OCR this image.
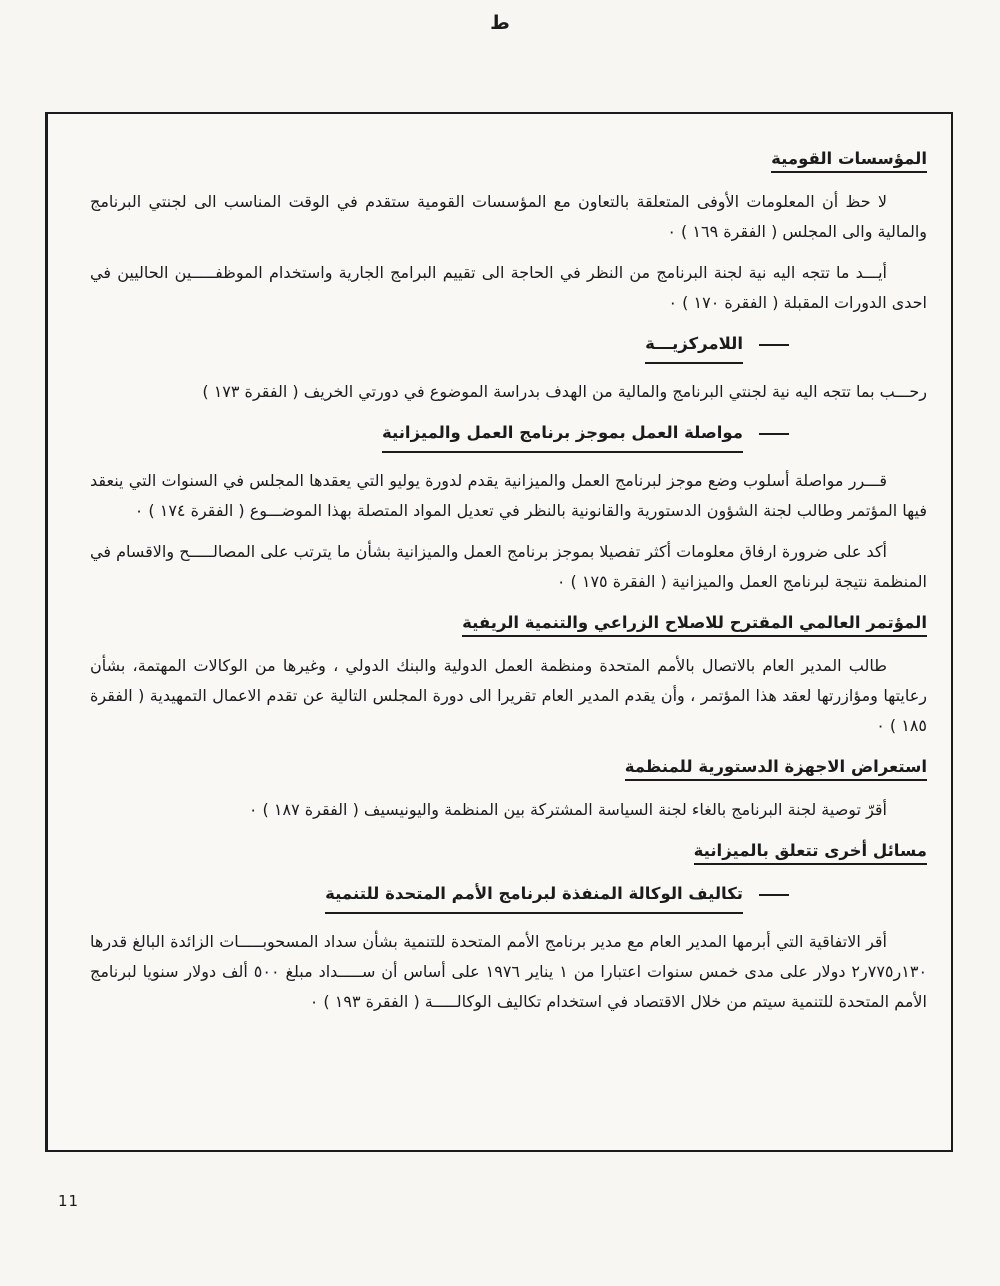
ط
المؤسسات القومية

لا حظ أن المعلومات الأوفى المتعلقة بالتعاون مع المؤسسات القومية ستقدم في الوقت المناسب الى لجنتي البرنامج والمالية والى المجلس ( الفقرة ١٦٩ ) ٠

أيـــد ما تتجه اليه نية لجنة البرنامج من النظر في الحاجة الى تقييم البرامج الجارية واستخدام الموظفـــــين الحاليين في احدى الدورات المقبلة ( الفقرة ١٧٠ ) ٠

اللامركزيـــة

رحـــب بما تتجه اليه نية لجنتي البرنامج والمالية من الهدف بدراسة الموضوع في دورتي الخريف ( الفقرة ١٧٣ )

مواصلة العمل بموجز برنامج العمل والميزانية

قـــرر مواصلة أسلوب وضع موجز لبرنامج العمل والميزانية يقدم لدورة يوليو التي يعقدها المجلس في السنوات التي ينعقد فيها المؤتمر وطالب لجنة الشؤون الدستورية والقانونية بالنظر في تعديل المواد المتصلة بهذا الموضـــوع ( الفقرة ١٧٤ ) ٠

أكد على ضرورة ارفاق معلومات أكثر تفصيلا بموجز برنامج العمل والميزانية بشأن ما يترتب على المصالـــــح والاقسام في المنظمة نتيجة لبرنامج العمل والميزانية ( الفقرة ١٧٥ ) ٠

المؤتمر العالمي المقترح للاصلاح الزراعي والتنمية الريفية

طالب المدير العام بالاتصال بالأمم المتحدة ومنظمة العمل الدولية والبنك الدولي ، وغيرها من الوكالات المهتمة، بشأن رعايتها ومؤازرتها لعقد هذا المؤتمر ، وأن يقدم المدير العام تقريرا الى دورة المجلس التالية عن تقدم الاعمال التمهيدية ( الفقرة ١٨٥ ) ٠

استعراض الاجهزة الدستورية للمنظمة

أقرّ توصية لجنة البرنامج بالغاء لجنة السياسة المشتركة بين المنظمة واليونيسيف ( الفقرة ١٨٧ ) ٠

مسائل أخرى تتعلق بالميزانية
تكاليف الوكالة المنفذة لبرنامج الأمم المتحدة للتنمية

أقر الاتفاقية التي أبرمها المدير العام مع مدير برنامج الأمم المتحدة للتنمية بشأن سداد المسحوبـــــات الزائدة البالغ قدرها ١٣٠ر٧٧٥ر٢ دولار على مدى خمس سنوات اعتبارا من ١ يناير ١٩٧٦ على أساس أن ســـــداد مبلغ ٥٠٠ ألف دولار سنويا لبرنامج الأمم المتحدة للتنمية سيتم من خلال الاقتصاد في استخدام تكاليف الوكالـــــة ( الفقرة ١٩٣ ) ٠

11
